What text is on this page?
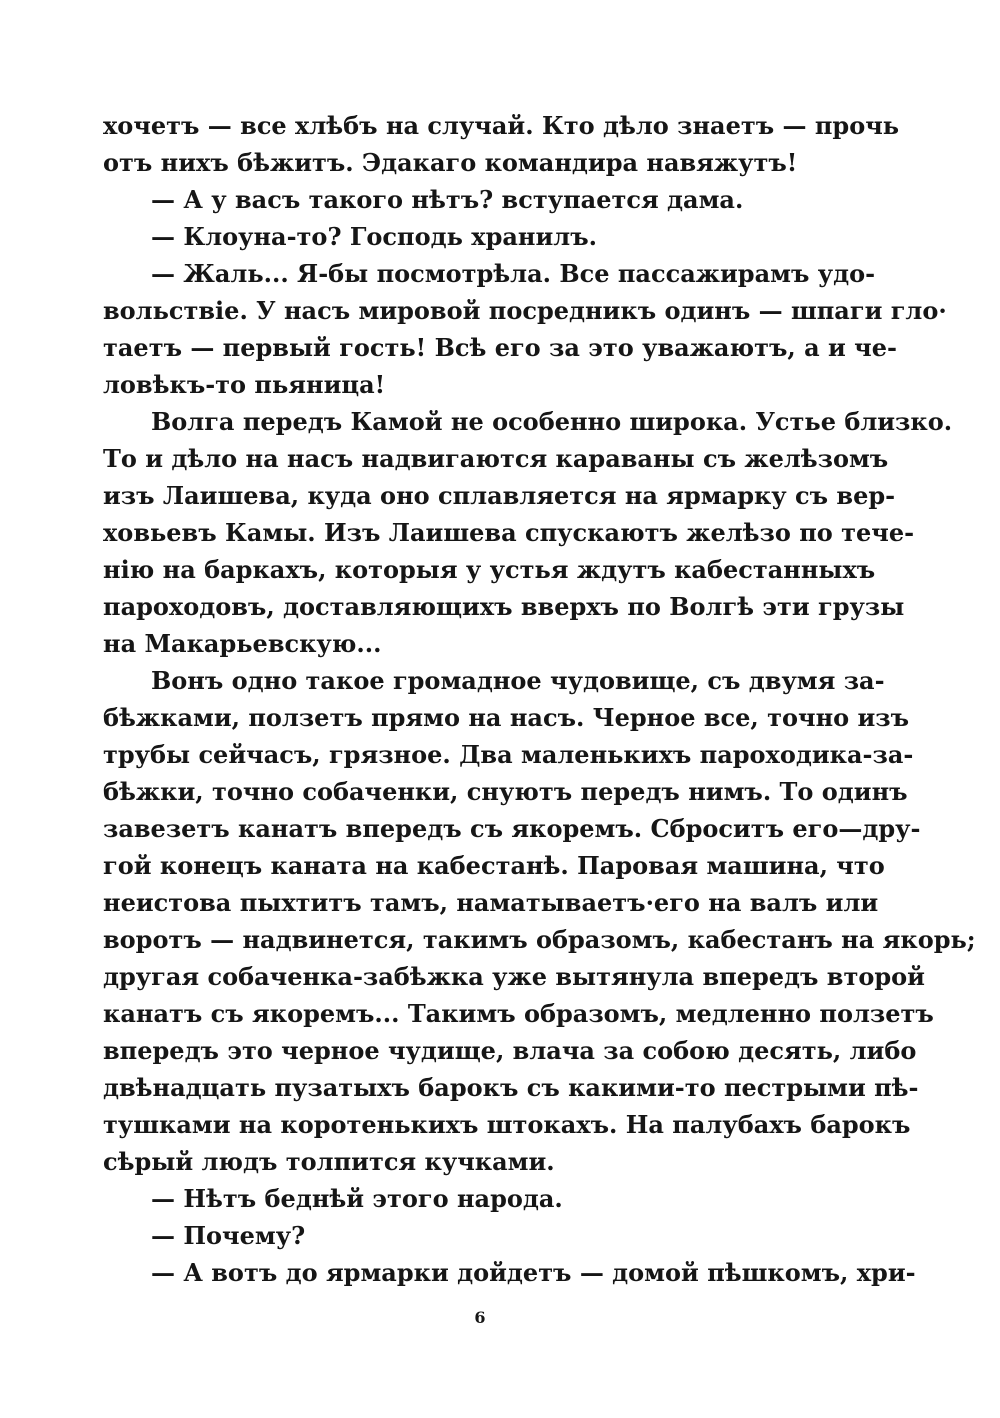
хочетъ — все хлѣбъ на случай. Кто дѣло знаетъ — прочь
отъ нихъ бѣжитъ. Эдакаго командира навяжутъ!
— А у васъ такого нѣтъ? вступается дама.
— Клоуна-то? Господь хранилъ.
— Жаль... Я-бы посмотрѣла. Все пассажирамъ удо-
вольствіе. У насъ мировой посредникъ одинъ — шпаги гло·
таетъ — первый гость! Всѣ его за это уважаютъ, а и че-
ловѣкъ-то пьяница!
Волга передъ Камой не особенно широка. Устье близко.
То и дѣло на насъ надвигаются караваны съ желѣзомъ
изъ Лаишева, куда оно сплавляется на ярмарку съ вер-
ховьевъ Камы. Изъ Лаишева спускаютъ желѣзо по тече-
нію на баркахъ, которыя у устья ждутъ кабестанныхъ
пароходовъ, доставляющихъ вверхъ по Волгѣ эти грузы
на Макарьевскую...
Вонъ одно такое громадное чудовище, съ двумя за-
бѣжками, ползетъ прямо на насъ. Черное все, точно изъ
трубы сейчасъ, грязное. Два маленькихъ пароходика-за-
бѣжки, точно собаченки, снуютъ передъ нимъ. То одинъ
завезетъ канатъ впередъ съ якоремъ. Сброситъ его—дру-
гой конецъ каната на кабестанѣ. Паровая машина, что
неистова пыхтитъ тамъ, наматываетъ·его на валъ или
воротъ — надвинется, такимъ образомъ, кабестанъ на якорь;
другая собаченка-забѣжка уже вытянула впередъ второй
канатъ съ якоремъ... Такимъ образомъ, медленно ползетъ
впередъ это черное чудище, влача за собою десять, либо
двѣнадцать пузатыхъ барокъ съ какими-то пестрыми пѣ-
тушками на коротенькихъ штокахъ. На палубахъ барокъ
сѣрый людъ толпится кучками.
— Нѣтъ беднѣй этого народа.
— Почему?
— А вотъ до ярмарки дойдетъ — домой пѣшкомъ, хри-
6
